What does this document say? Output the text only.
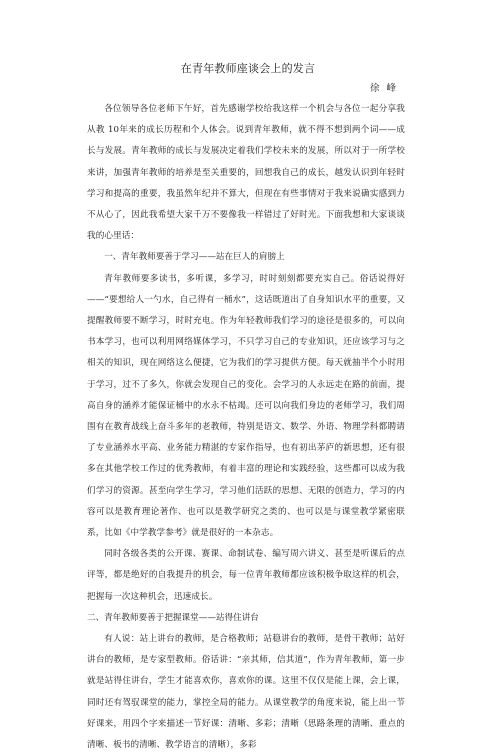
在青年教师座谈会上的发言
徐 峰

各位领导各位老师下午好，首先感谢学校给我这样一个机会与各位一起分享我从教 10年来的成长历程和个人体会。说到青年教师，就不得不想到两个词——成长与发展。青年教师的成长与发展决定着我们学校未来的发展，所以对于一所学校来讲，加强青年教师的培养是至关重要的，回想我自己的成长，越发认识到年轻时学习和提高的重要，我虽然年纪并不算大，但现在有些事情对于我来说确实感到力不从心了，因此我希望大家千万不要像我一样错过了好时光。下面我想和大家谈谈我的心里话：

一、青年教师要善于学习——站在巨人的肩膀上

青年教师要多读书，多听课，多学习，时时刻刻都要充实自己。俗话说得好——“要想给人一勺水，自己得有一桶水”，这话既道出了自身知识水平的重要，又提醒教师要不断学习，时时充电。作为年轻教师我们学习的途径是很多的，可以向书本学习，也可以利用网络媒体学习，不只学习自己的专业知识，还应该学习与之相关的知识，现在网络这么便捷，它为我们的学习提供方便。每天就抽半个小时用于学习，过不了多久，你就会发现自己的变化。会学习的人永远走在路的前面，提高自身的涵养才能保证桶中的水永不枯竭。还可以向我们身边的老师学习，我们周围有在教育战线上奋斗多年的老教师，特别是语文、数学、外语、物理学科都聘请了专业涵养水平高、业务能力精湛的专家作指导，也有初出茅庐的新思想，还有很多在其他学校工作过的优秀教师，有着丰富的理论和实践经验，这些都可以成为我们学习的资源。甚至向学生学习，学习他们活跃的思想、无限的创造力，学习的内容可以是教育理论著作、也可以是教学研究之类的、也可以是与课堂教学紧密联系，比如《中学教学参考》就是很好的一本杂志。

同时各级各类的公开课、赛课、命制试卷、编写周六讲义、甚至是听课后的点评等，都是绝好的自我提升的机会，每一位青年教师都应该积极争取这样的机会，把握每一次这种机会，迅速成长。

二、青年教师要善于把握课堂——站得住讲台

有人说：站上讲台的教师，是合格教师；站稳讲台的教师，是骨干教师；站好讲台的教师，是专家型教师。俗话讲：“亲其师，信其道”，作为青年教师，第一步就是站得住讲台，学生才能喜欢你，喜欢你的课。这里不仅仅是能上课，会上课，同时还有驾驭课堂的能力，掌控全局的能力。从课堂教学的角度来说，能上出一节好课来，用四个字来描述一节好课：清晰、多彩；清晰（思路条理的清晰、重点的清晰、板书的清晰、教学语言的清晰），多彩
